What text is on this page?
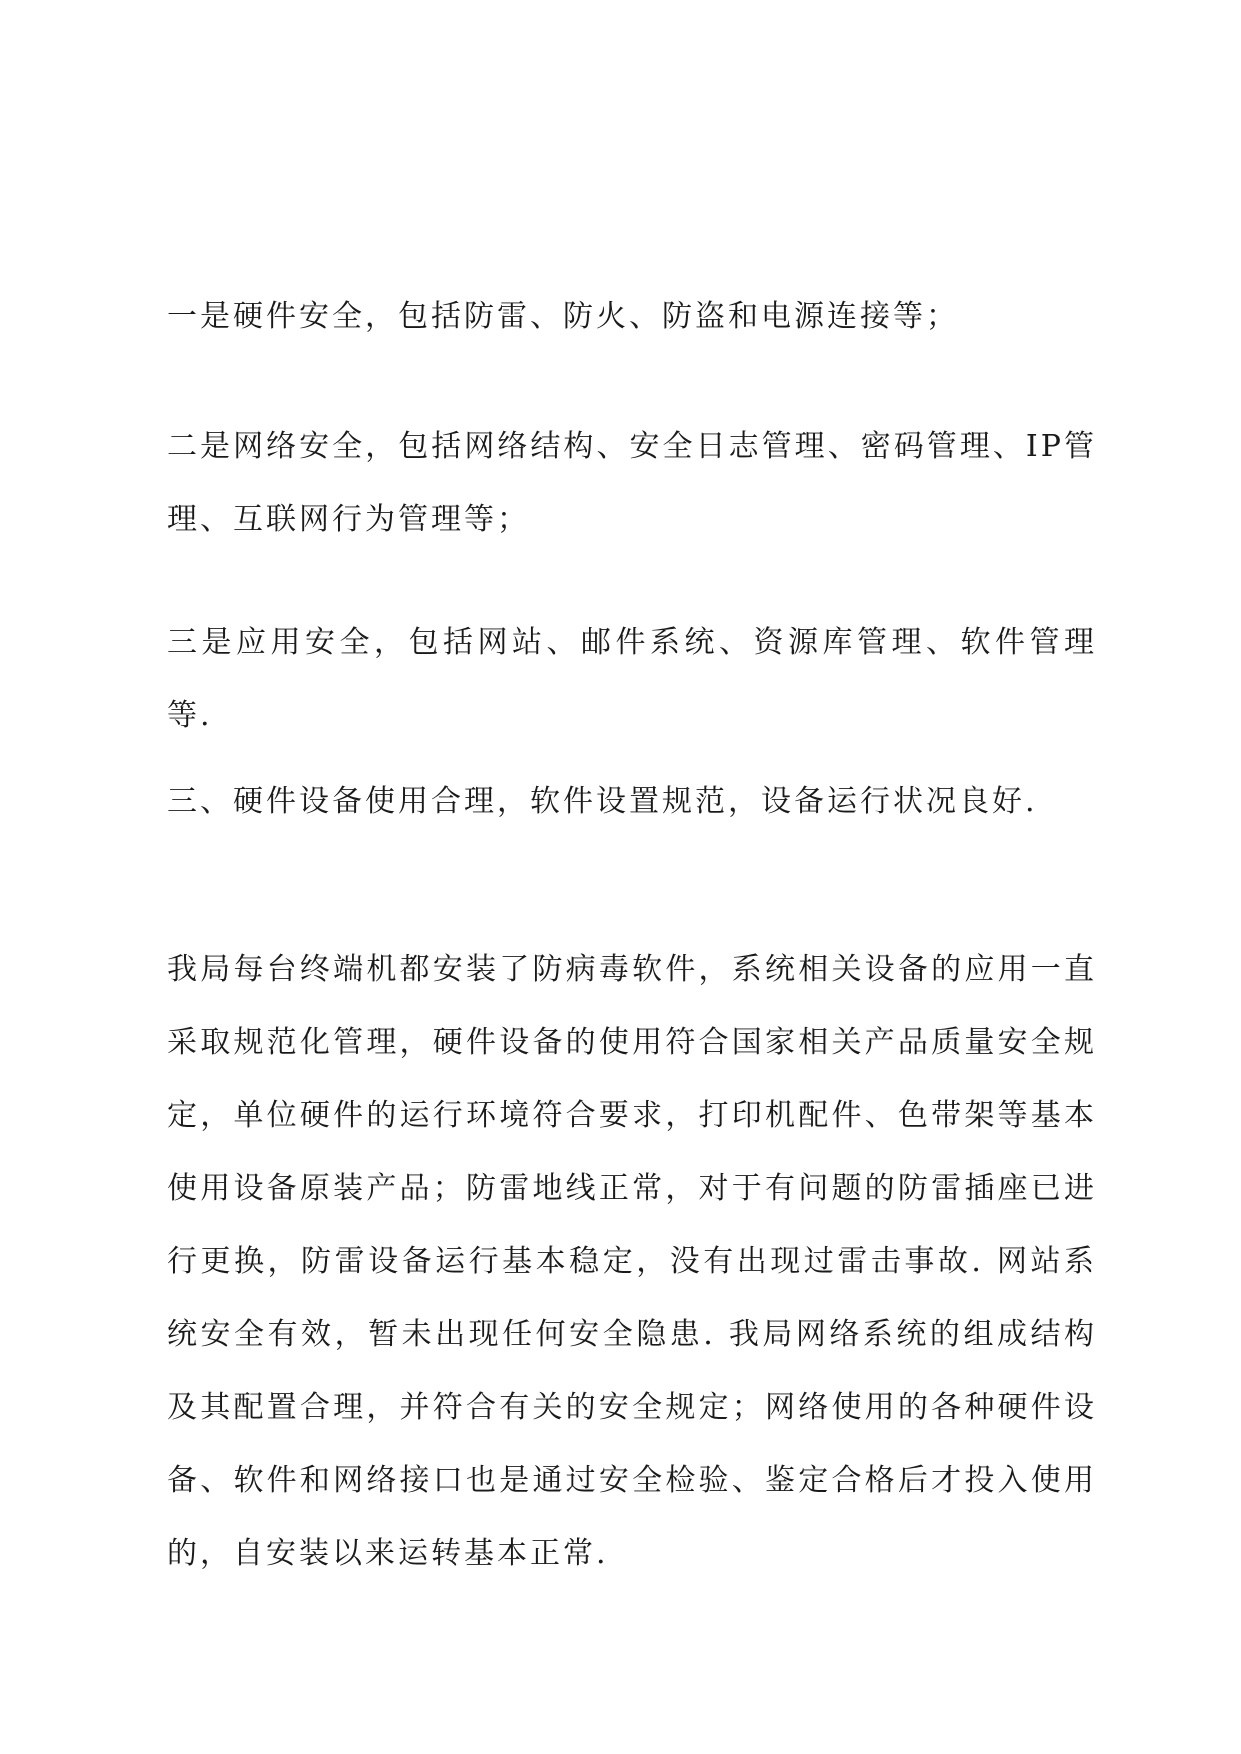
一是硬件安全，包括防雷、防火、防盗和电源连接等；

二是网络安全，包括网络结构、安全日志管理、密码管理、IP管理、互联网行为管理等；

三是应用安全，包括网站、邮件系统、资源库管理、软件管理等.

三、硬件设备使用合理，软件设置规范，设备运行状况良好.

我局每台终端机都安装了防病毒软件，系统相关设备的应用一直采取规范化管理，硬件设备的使用符合国家相关产品质量安全规定，单位硬件的运行环境符合要求，打印机配件、色带架等基本使用设备原装产品；防雷地线正常，对于有问题的防雷插座已进行更换，防雷设备运行基本稳定，没有出现过雷击事故. 网站系统安全有效，暂未出现任何安全隐患. 我局网络系统的组成结构及其配置合理，并符合有关的安全规定；网络使用的各种硬件设备、软件和网络接口也是通过安全检验、鉴定合格后才投入使用的，自安装以来运转基本正常.
